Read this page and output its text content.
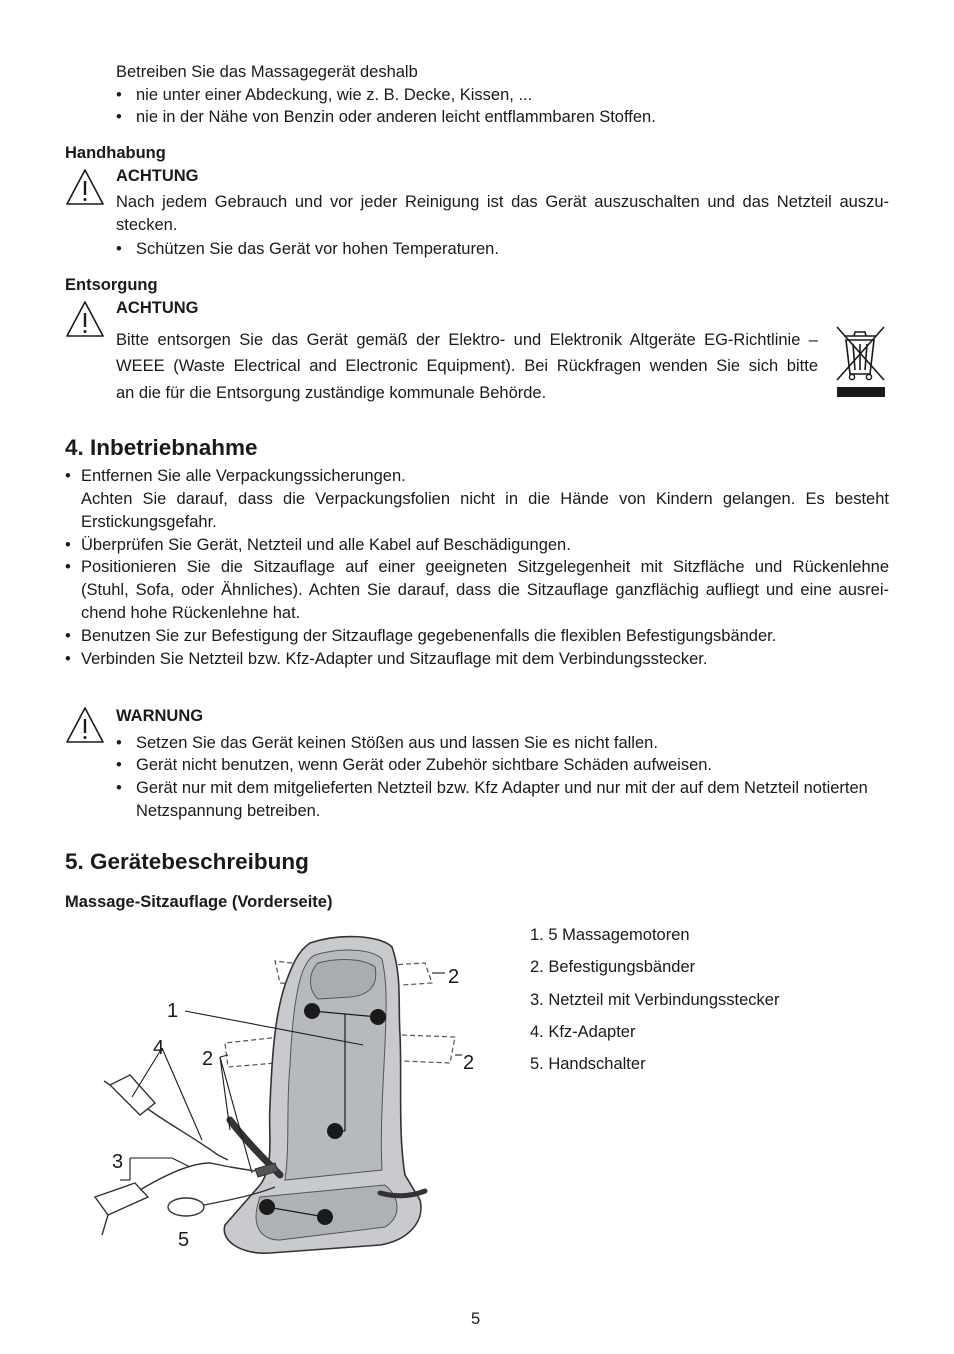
Betreiben Sie das Massagegerät deshalb
• nie unter einer Abdeckung, wie z. B. Decke, Kissen, ...
• nie in der Nähe von Benzin oder anderen leicht entflammbaren Stoffen.
Handhabung
ACHTUNG
Nach jedem Gebrauch und vor jeder Reinigung ist das Gerät auszuschalten und das Netzteil auszu-
stecken.
• Schützen Sie das Gerät vor hohen Temperaturen.
Entsorgung
ACHTUNG
Bitte entsorgen Sie das Gerät gemäß der Elektro- und Elektronik Altgeräte EG-Richtlinie –
WEEE (Waste Electrical and Electronic Equipment). Bei Rückfragen wenden Sie sich bitte
an die für die Entsorgung zuständige kommunale Behörde.
4. Inbetriebnahme
• Entfernen Sie alle Verpackungssicherungen.
Achten Sie darauf, dass die Verpackungsfolien nicht in die Hände von Kindern gelangen. Es besteht
Erstickungsgefahr.
• Überprüfen Sie Gerät, Netzteil und alle Kabel auf Beschädigungen.
• Positionieren Sie die Sitzauflage auf einer geeigneten Sitzgelegenheit mit Sitzfläche und Rückenlehne
(Stuhl, Sofa, oder Ähnliches). Achten Sie darauf, dass die Sitzauflage ganzflächig aufliegt und eine ausrei-
chend hohe Rückenlehne hat.
• Benutzen Sie zur Befestigung der Sitzauflage gegebenenfalls die flexiblen Befestigungsbänder.
• Verbinden Sie Netzteil bzw. Kfz-Adapter und Sitzauflage mit dem Verbindungsstecker.
WARNUNG
• Setzen Sie das Gerät keinen Stößen aus und lassen Sie es nicht fallen.
• Gerät nicht benutzen, wenn Gerät oder Zubehör sichtbare Schäden aufweisen.
• Gerät nur mit dem mitgelieferten Netzteil bzw. Kfz Adapter und nur mit der auf dem Netzteil notierten
Netzspannung betreiben.
5. Gerätebeschreibung
Massage-Sitzauflage (Vorderseite)
1. 5 Massagemotoren
2. Befestigungsbänder
3. Netzteil mit Verbindungsstecker
4. Kfz-Adapter
5. Handschalter
1
2
2	2
4
3
5
5
